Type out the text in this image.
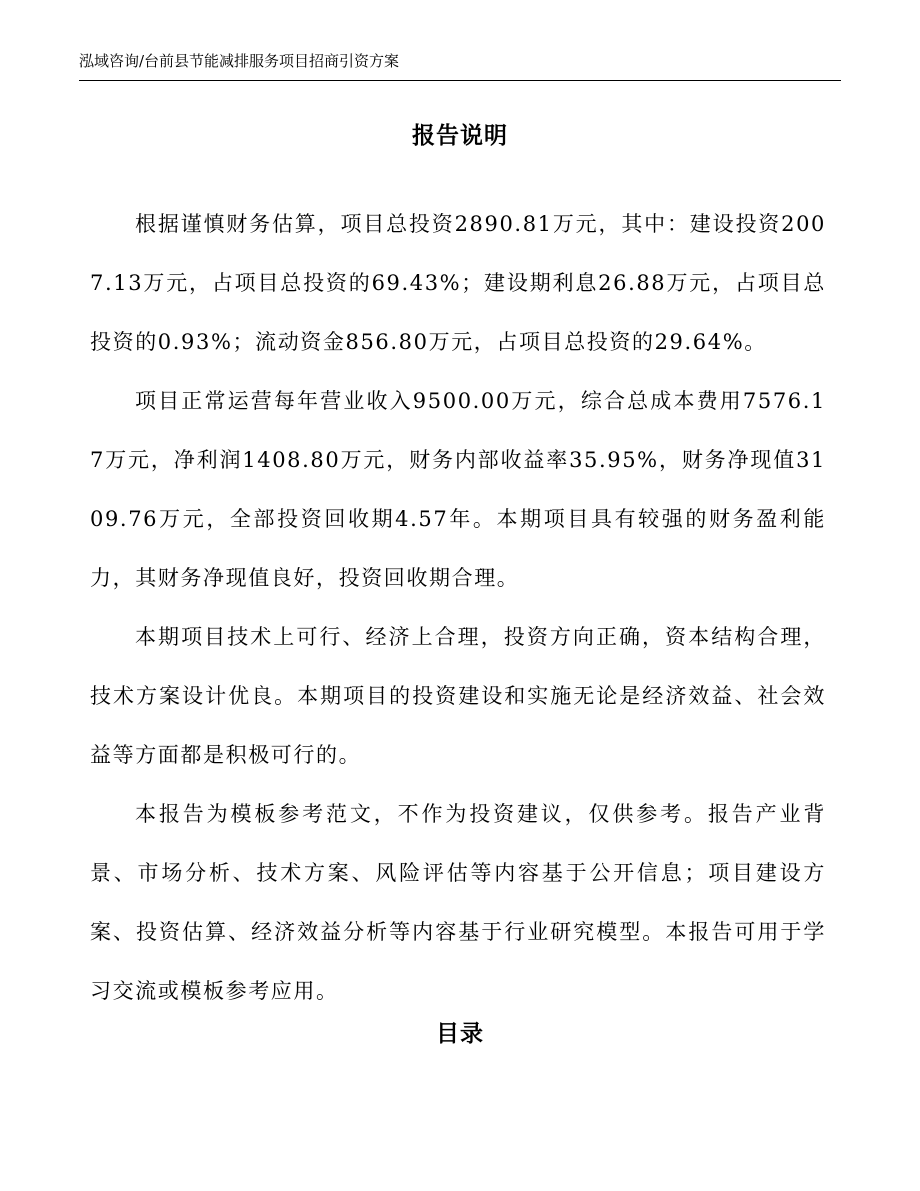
泓域咨询/台前县节能减排服务项目招商引资方案
报告说明

根据谨慎财务估算，项目总投资2890.81万元，其中：建设投资2007.13万元，占项目总投资的69.43%；建设期利息26.88万元，占项目总投资的0.93%；流动资金856.80万元，占项目总投资的29.64%。

项目正常运营每年营业收入9500.00万元，综合总成本费用7576.17万元，净利润1408.80万元，财务内部收益率35.95%，财务净现值3109.76万元，全部投资回收期4.57年。本期项目具有较强的财务盈利能力，其财务净现值良好，投资回收期合理。

本期项目技术上可行、经济上合理，投资方向正确，资本结构合理，技术方案设计优良。本期项目的投资建设和实施无论是经济效益、社会效益等方面都是积极可行的。

本报告为模板参考范文，不作为投资建议，仅供参考。报告产业背景、市场分析、技术方案、风险评估等内容基于公开信息；项目建设方案、投资估算、经济效益分析等内容基于行业研究模型。本报告可用于学习交流或模板参考应用。

目录
